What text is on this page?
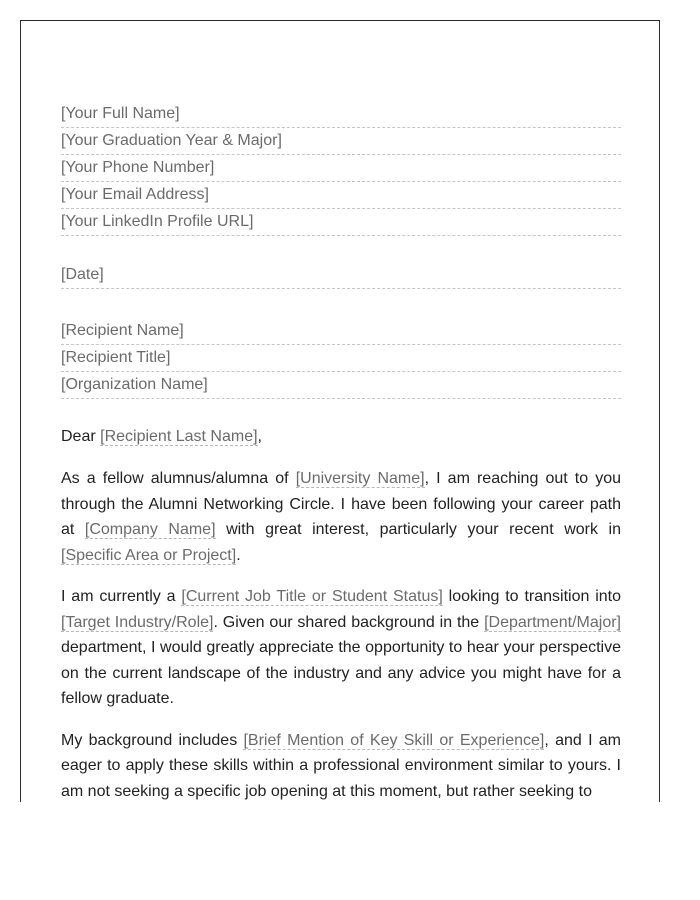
[Your Full Name]
[Your Graduation Year & Major]
[Your Phone Number]
[Your Email Address]
[Your LinkedIn Profile URL]
[Date]
[Recipient Name]
[Recipient Title]
[Organization Name]
Dear [Recipient Last Name],

As a fellow alumnus/alumna of [University Name], I am reaching out to you through the Alumni Networking Circle. I have been following your career path at [Company Name] with great interest, particularly your recent work in [Specific Area or Project].

I am currently a [Current Job Title or Student Status] looking to transition into [Target Industry/Role]. Given our shared background in the [Department/Major] department, I would greatly appreciate the opportunity to hear your perspective on the current landscape of the industry and any advice you might have for a fellow graduate.

My background includes [Brief Mention of Key Skill or Experience], and I am eager to apply these skills within a professional environment similar to yours. I am not seeking a specific job opening at this moment, but rather seeking to
